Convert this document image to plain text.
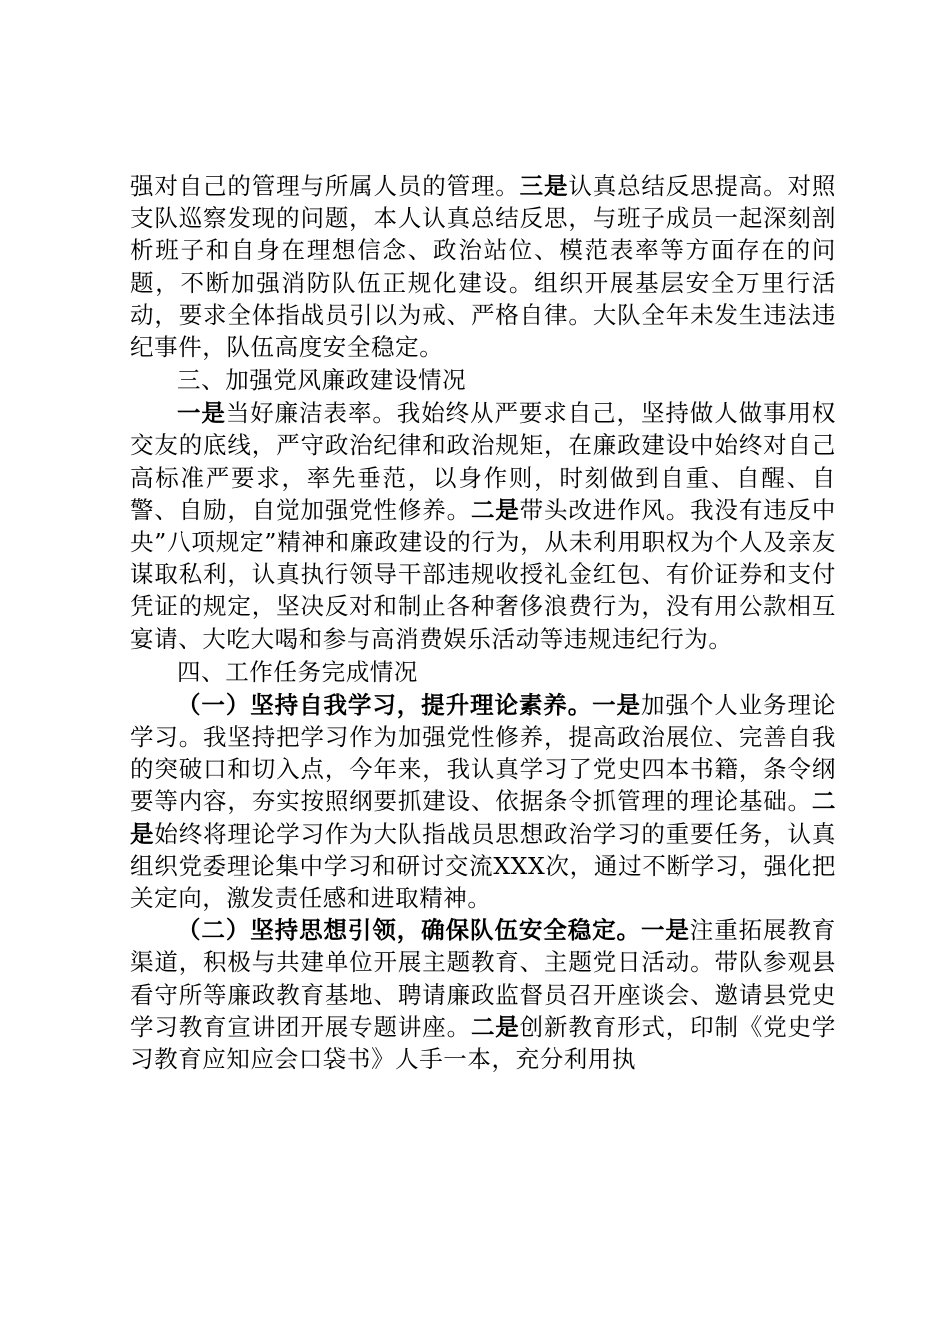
强对自己的管理与所属人员的管理。三是认真总结反思提高。对照支队巡察发现的问题，本人认真总结反思，与班子成员一起深刻剖析班子和自身在理想信念、政治站位、模范表率等方面存在的问题，不断加强消防队伍正规化建设。组织开展基层安全万里行活动，要求全体指战员引以为戒、严格自律。大队全年未发生违法违纪事件，队伍高度安全稳定。

三、加强党风廉政建设情况

一是当好廉洁表率。我始终从严要求自己，坚持做人做事用权交友的底线，严守政治纪律和政治规矩，在廉政建设中始终对自己高标准严要求，率先垂范，以身作则，时刻做到自重、自醒、自警、自励，自觉加强党性修养。二是带头改进作风。我没有违反中央”八项规定”精神和廉政建设的行为，从未利用职权为个人及亲友谋取私利，认真执行领导干部违规收授礼金红包、有价证券和支付凭证的规定，坚决反对和制止各种奢侈浪费行为，没有用公款相互宴请、大吃大喝和参与高消费娱乐活动等违规违纪行为。

四、工作任务完成情况

（一）坚持自我学习，提升理论素养。一是加强个人业务理论学习。我坚持把学习作为加强党性修养，提高政治展位、完善自我的突破口和切入点，今年来，我认真学习了党史四本书籍，条令纲要等内容，夯实按照纲要抓建设、依据条令抓管理的理论基础。二是始终将理论学习作为大队指战员思想政治学习的重要任务，认真组织党委理论集中学习和研讨交流XXX次，通过不断学习，强化把关定向，激发责任感和进取精神。

（二）坚持思想引领，确保队伍安全稳定。一是注重拓展教育渠道，积极与共建单位开展主题教育、主题党日活动。带队参观县看守所等廉政教育基地、聘请廉政监督员召开座谈会、邀请县党史学习教育宣讲团开展专题讲座。二是创新教育形式，印制《党史学习教育应知应会口袋书》人手一本，充分利用执
